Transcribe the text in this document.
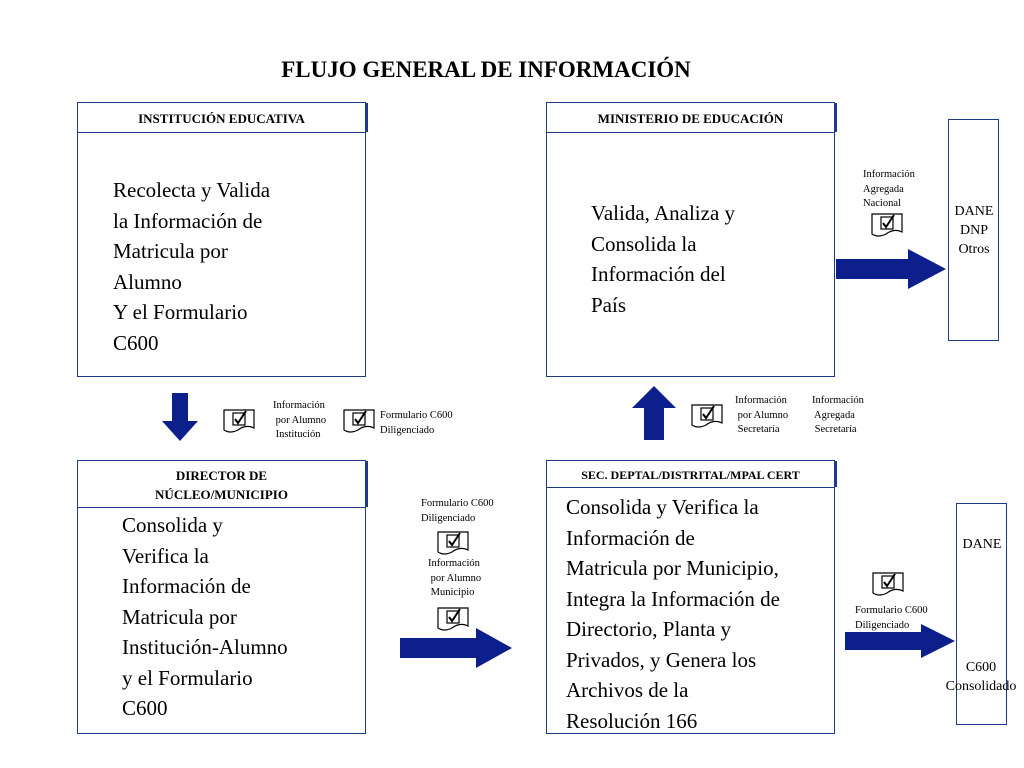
FLUJO GENERAL DE INFORMACIÓN
INSTITUCIÓN EDUCATIVA
Recolecta y Valida
la Información de
Matricula por
Alumno
Y el Formulario
C600
MINISTERIO DE EDUCACIÓN
Valida, Analiza y
Consolida la
Información del
País
DIRECTOR DE
NÚCLEO/MUNICIPIO
Consolida y
Verifica la
Información de
Matricula por
Institución-Alumno
y el Formulario
C600
SEC. DEPTAL/DISTRITAL/MPAL CERT
Consolida y Verifica la
Información de
Matricula por Municipio,
Integra la Información de
Directorio, Planta y
Privados, y Genera los
Archivos de la
Resolución 166
DANE
DNP
Otros
DANE
C600
Consolidado
Información
Agregada
Nacional
Información
por Alumno
Institución
Formulario C600
Diligenciado
Información
por Alumno
Secretaría
Información
Agregada
Secretaría
Formulario C600
Diligenciado
Información
por Alumno
Municipio
Formulario C600
Diligenciado
